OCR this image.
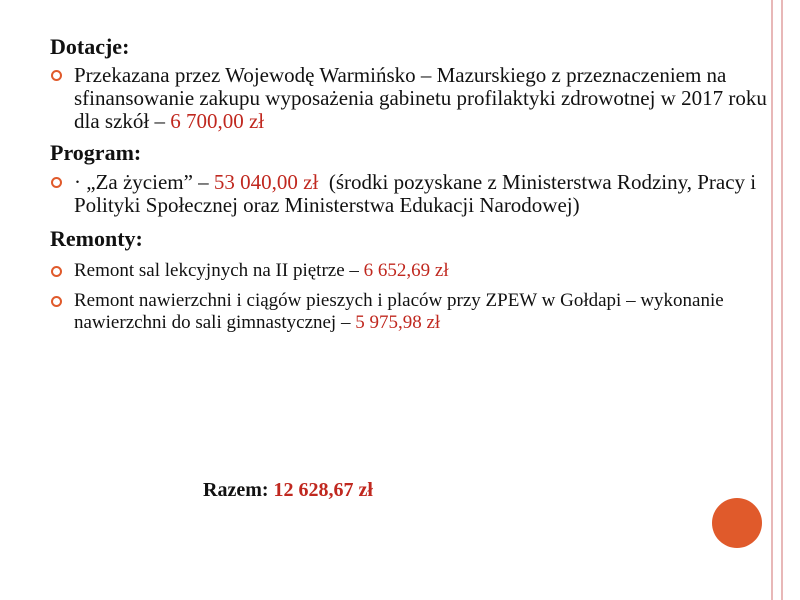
Dotacje:
Przekazana przez Wojewodę Warmińsko – Mazurskiego z przeznaczeniem na sfinansowanie zakupu wyposażenia gabinetu profilaktyki zdrowotnej w 2017 roku dla szkół – 6 700,00 zł
Program:
· „Za życiem” – 53 040,00 zł  (środki pozyskane z Ministerstwa Rodziny, Pracy i Polityki Społecznej oraz Ministerstwa Edukacji Narodowej)
Remonty:
Remont sal lekcyjnych na II piętrze – 6 652,69 zł
Remont nawierzchni i ciągów pieszych i placów przy ZPEW w Gołdapi – wykonanie nawierzchni do sali gimnastycznej – 5 975,98 zł
Razem: 12 628,67 zł
